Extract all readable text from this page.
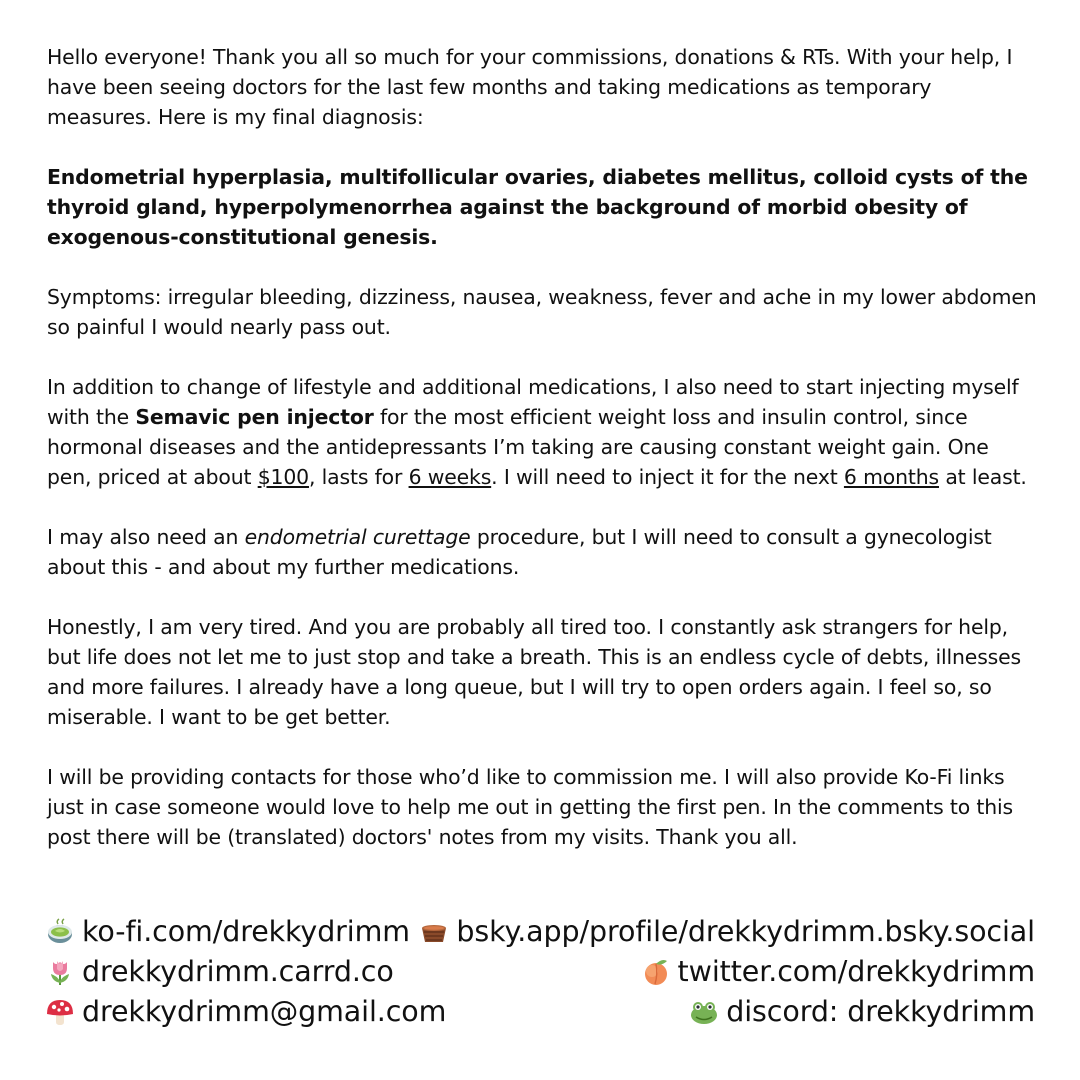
Hello everyone! Thank you all so much for your commissions, donations & RTs. With your help, I have been seeing doctors for the last few months and taking medications as temporary measures. Here is my final diagnosis:

Endometrial hyperplasia, multifollicular ovaries, diabetes mellitus, colloid cysts of the thyroid gland, hyperpolymenorrhea against the background of morbid obesity of exogenous-constitutional genesis.

Symptoms: irregular bleeding, dizziness, nausea, weakness, fever and ache in my lower abdomen so painful I would nearly pass out.

In addition to change of lifestyle and additional medications, I also need to start injecting myself with the Semavic pen injector for the most efficient weight loss and insulin control, since hormonal diseases and the antidepressants I’m taking are causing constant weight gain. One pen, priced at about $100, lasts for 6 weeks. I will need to inject it for the next 6 months at least.

I may also need an endometrial curettage procedure, but I will need to consult a gynecologist about this - and about my further medications.

Honestly, I am very tired. And you are probably all tired too. I constantly ask strangers for help, but life does not let me to just stop and take a breath. This is an endless cycle of debts, illnesses and more failures. I already have a long queue, but I will try to open orders again. I feel so, so miserable. I want to be get better.

I will be providing contacts for those who’d like to commission me. I will also provide Ko-Fi links just in case someone would love to help me out in getting the first pen. In the comments to this post there will be (translated) doctors' notes from my visits. Thank you all.

ko-fi.com/drekkydrimm bsky.app/profile/drekkydrimm.bsky.social
drekkydrimm.carrd.co	twitter.com/drekkydrimm
drekkydrimm@gmail.com	discord: drekkydrimm
